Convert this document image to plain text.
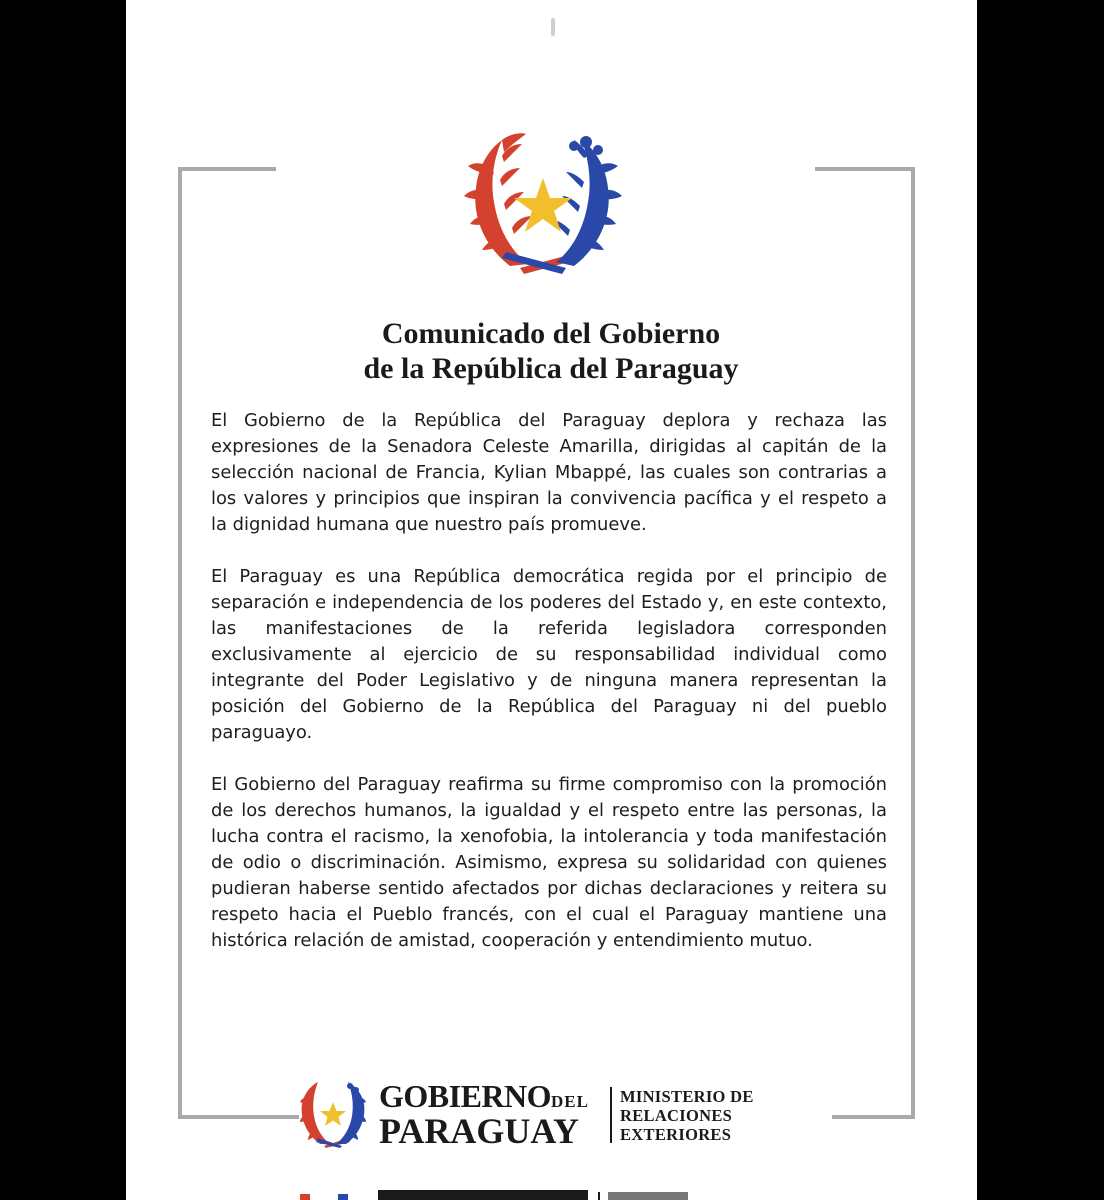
Comunicado del Gobierno
de la República del Paraguay

El Gobierno de la República del Paraguay deplora y rechaza las expresiones de la Senadora Celeste Amarilla, dirigidas al capitán de la selección nacional de Francia, Kylian Mbappé, las cuales son contrarias a los valores y principios que inspiran la convivencia pacífica y el respeto a la dignidad humana que nuestro país promueve.

El Paraguay es una República democrática regida por el principio de separación e independencia de los poderes del Estado y, en este contexto, las manifestaciones de la referida legisladora corresponden exclusivamente al ejercicio de su responsabilidad individual como integrante del Poder Legislativo y de ninguna manera representan la posición del Gobierno de la República del Paraguay ni del pueblo paraguayo.

El Gobierno del Paraguay reafirma su firme compromiso con la promoción de los derechos humanos, la igualdad y el respeto entre las personas, la lucha contra el racismo, la xenofobia, la intolerancia y toda manifestación de odio o discriminación. Asimismo, expresa su solidaridad con quienes pudieran haberse sentido afectados por dichas declaraciones y reitera su respeto hacia el Pueblo francés, con el cual el Paraguay mantiene una histórica relación de amistad, cooperación y entendimiento mutuo.

GOBIERNODEL
PARAGUAY
MINISTERIO DE
RELACIONES
EXTERIORES
